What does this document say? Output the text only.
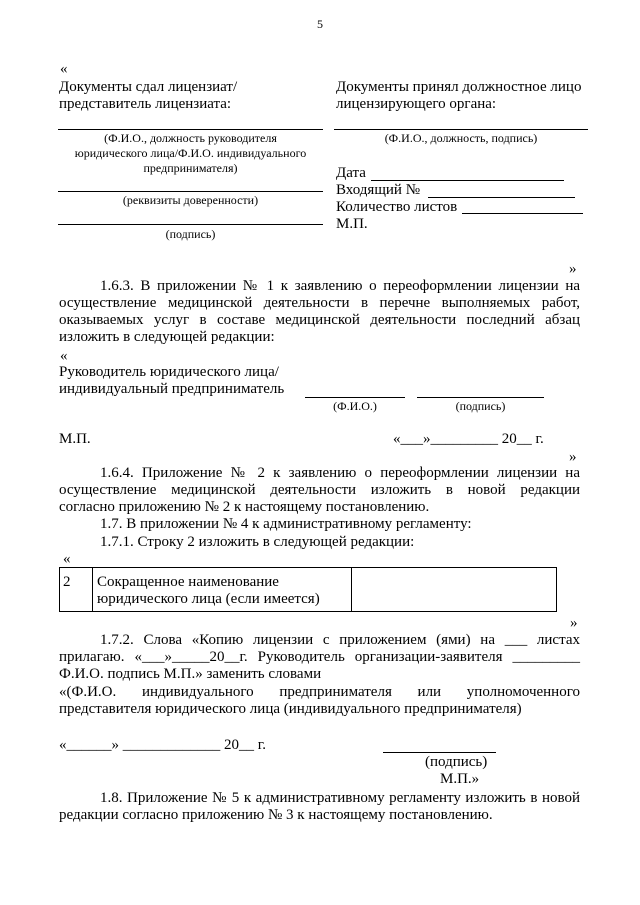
5
«
Документы сдал лицензиат/
представитель лицензиата:
(Ф.И.О., должность руководителя
юридического лица/Ф.И.О. индивидуального
предпринимателя)
(реквизиты доверенности)
(подпись)
Документы принял должностное лицо
лицензирующего органа:
(Ф.И.О., должность, подпись)
Дата
Входящий №
Количество листов
М.П.
»
1.6.3. В приложении № 1 к заявлению о переоформлении лицензии на
осуществление медицинской деятельности в перечне выполняемых работ,
оказываемых услуг в составе медицинской деятельности последний абзац
изложить в следующей редакции:
«
Руководитель юридического лица/
индивидуальный предприниматель
(Ф.И.О.)	(подпись)
М.П.	«___»_________ 20__ г.
»
1.6.4. Приложение № 2 к заявлению о переоформлении лицензии на
осуществление медицинской деятельности изложить в новой редакции
согласно приложению № 2 к настоящему постановлению.
1.7. В приложении № 4 к административному регламенту:
1.7.1. Строку 2 изложить в следующей редакции:
«
2 Сокращенное наименование
юридического лица (если имеется)
»
1.7.2. Слова «Копию лицензии с приложением (ями) на ___ листах
прилагаю. «___»_____20__г. Руководитель организации-заявителя _________
Ф.И.О. подпись М.П.» заменить словами
«(Ф.И.О. индивидуального предпринимателя или уполномоченного
представителя юридического лица (индивидуального предпринимателя)
«______» _____________ 20__ г.
(подпись)
М.П.»
1.8. Приложение № 5 к административному регламенту изложить в новой
редакции согласно приложению № 3 к настоящему постановлению.
